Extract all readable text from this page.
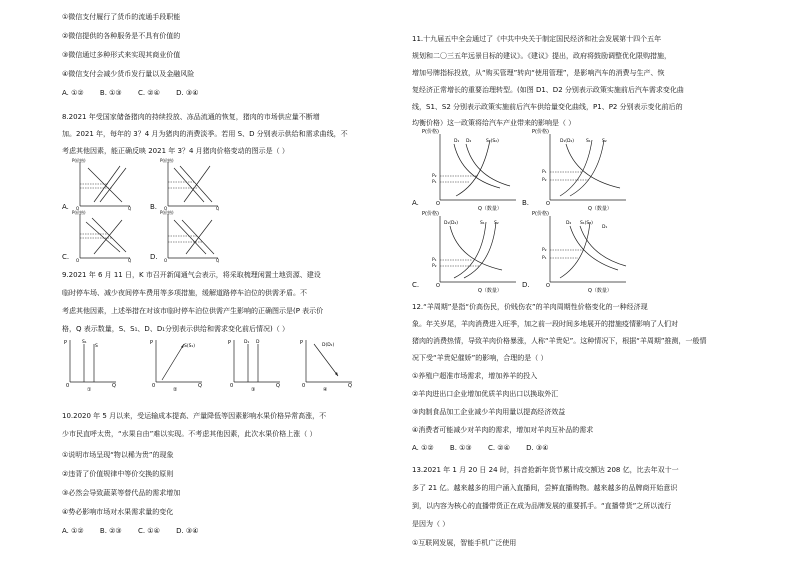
①微信支付履行了货币的流通手段职能
②微信提供的各种服务是不具有价值的
③微信通过多种形式来实现其商业价值
④微信支付会减少货币发行量以及金融风险
A. ①② B. ①③ C. ②④ D. ③④
8.2021 年受国家储备猪肉的持续投放、冻品流通的恢复，猪肉的市场供应量不断增
加。2021 年，每年的 3？4 月为猪肉的消费淡季。若用 S、D 分别表示供给和需求曲线，不
考虑其他因素，能正确反映 2021 年 3？4 月猪肉价格变动的图示是（ ）
A.
P(价格)
O	Q	B.
P(价格)
O	Q
C.
P(价格)
O	Q	D.
P(价格)
O	Q
9.2021 年 6 月 11 日，K 市召开新闻通气会表示，将采取梳理闲置土地资源、建设
临时停车场、减少夜间停车费用等多项措施，缓解道路停车泊位的供需矛盾。不
考虑其他因素，上述举措在对该市临时停车泊位供需产生影响的正确图示是(P 表示价
格，Q 表示数量，S、S₁、D、D₁分别表示供给和需求变化前后情况)（ ）
P
0	Q
S₁
S
①
P
0	Q
S(S₁)
②
P
0	Q
D₁ D
③
P
0	Q
D(D₁)
④
10.2020 年 5 月以来，受运输成本提高、产量降低等因素影响水果价格异常高涨，不
少市民直呼太贵，“水果自由”难以实现。不考虑其他因素，此次水果价格上涨（ ）
①说明市场呈现“物以稀为贵”的现象
②违背了价值规律中等价交换的原则
③必然会导致蔬菜等替代品的需求增加
④势必影响市场对水果需求量的变化
A. ①② B. ②③ C. ①④ D. ③④
11.十九届五中全会通过了《中共中央关于制定国民经济和社会发展第十四个五年
规划和二〇三五年远景目标的建议》。《建议》提出，政府将鼓励调整优化限购措施，
增加号牌指标投放，从“购买管理”转向“使用管理”，是影响汽车的消费与生产、恢
复经济正常增长的重要治理转型。(如图 D1、D2 分别表示政策实施前后汽车需求变化曲
线，S1、S2 分别表示政策实施前后汽车供给量变化曲线，P1、P2 分别表示变化前后的
均衡价格）这一政策将给汽车产业带来的影响是（ ）
P(价格)
O
Q（数量）
D₁ D₂	S₁(S₂)
P₂
P₁
A.
P(价格)
O
Q（数量）
S₁	S₂
D₁(D₂)
P₁
P₂
B.
P(价格)
O
Q（数量）
D₁(D₂)	S₁ S₂
P₁
P₂
C.
P(价格)
O
Q（数量）
S₁(S₂)
D₂
D₁
P₂
P₁
D.
12.“羊周期”是指“价高伤民，价贱伤农”的羊肉周期性价格变化的一种经济现
象。年关岁尾，羊肉消费进入旺季，加之前一段时间多地展开的措施疫情影响了人们对
猪肉的消费热情，导致羊肉价格暴涨，人称“羊贵妃”。这种情况下，根据“羊周期”推测，一般情
况下受“羊贵妃催娇”的影响，合理的是（ ）
①养殖户超准市场需求，增加养羊的投入
②羊肉进出口企业增加优质羊肉出口以换取外汇
③肉制食品加工企业减少羊肉用量以提高经济效益
④消费者可能减少对羊肉的需求，增加对羊肉互补品的需求
A. ①② B. ①③ C. ②④ D. ③④
13.2021 年 1 月 20 日 24 时，抖音抢新年货节累计成交额达 208 亿，比去年双十一
多了 21 亿。越来越多的用户涌入直播间，尝鲜直播购物。越来越多的品牌商开始意识
到，以内容为核心的直播带货正在成为品牌发展的重要抓手。“直播带货”之所以流行
是因为（ ）
①互联网发展，智能手机广泛使用
